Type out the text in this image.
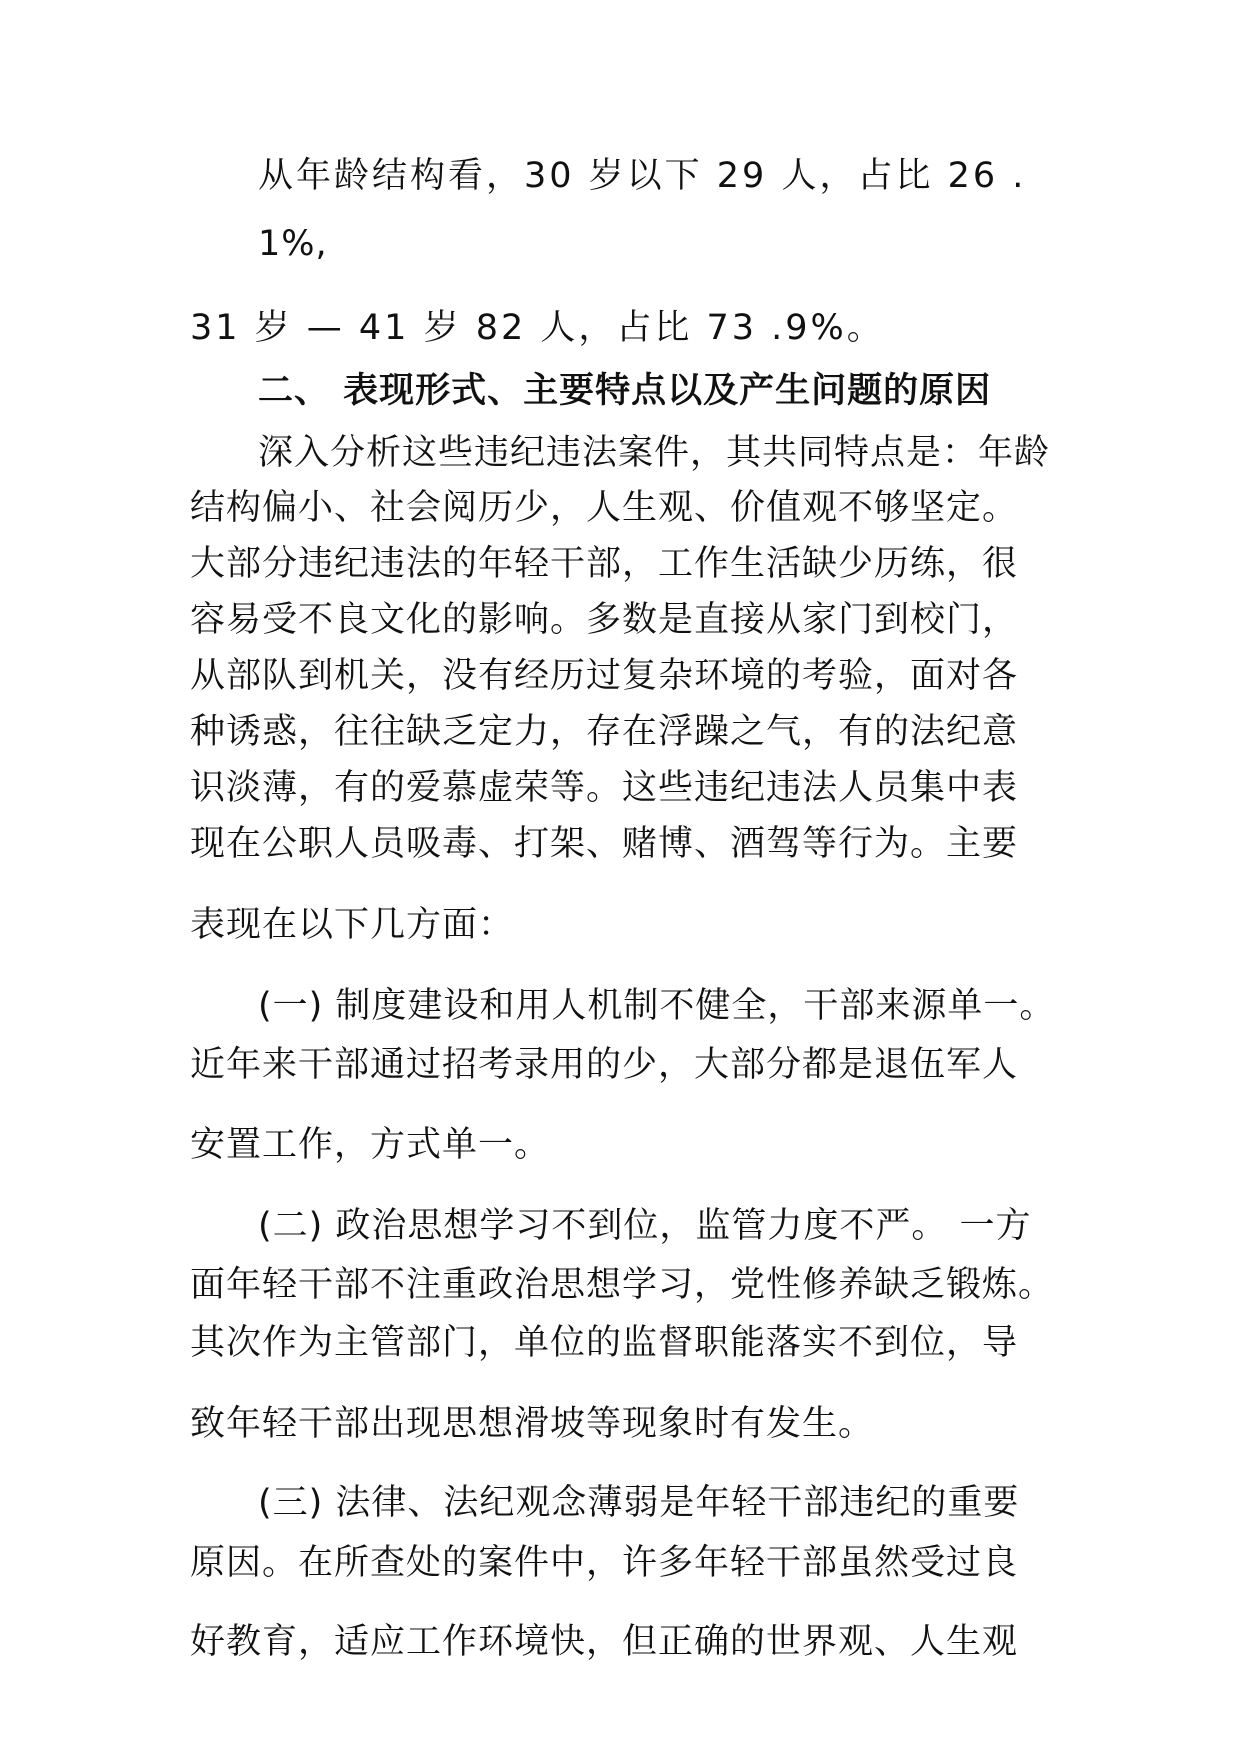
从年龄结构看，30 岁以下 29 人，占比 26 .
1%,
31 岁 — 41 岁 82 人，占比 73 .9%。
二、 表现形式、主要特点以及产生问题的原因
深入分析这些违纪违法案件，其共同特点是：年龄
结构偏小、社会阅历少，人生观、价值观不够坚定。
大部分违纪违法的年轻干部，工作生活缺少历练，很
容易受不良文化的影响。多数是直接从家门到校门，
从部队到机关，没有经历过复杂环境的考验，面对各
种诱惑，往往缺乏定力，存在浮躁之气，有的法纪意
识淡薄，有的爱慕虚荣等。这些违纪违法人员集中表
现在公职人员吸毒、打架、赌博、酒驾等行为。主要
表现在以下几方面：
(一) 制度建设和用人机制不健全，干部来源单一。
近年来干部通过招考录用的少，大部分都是退伍军人
安置工作，方式单一。
(二) 政治思想学习不到位，监管力度不严。 一方
面年轻干部不注重政治思想学习，党性修养缺乏锻炼。
其次作为主管部门，单位的监督职能落实不到位，导
致年轻干部出现思想滑坡等现象时有发生。
(三) 法律、法纪观念薄弱是年轻干部违纪的重要
原因。在所查处的案件中，许多年轻干部虽然受过良
好教育，适应工作环境快，但正确的世界观、人生观
